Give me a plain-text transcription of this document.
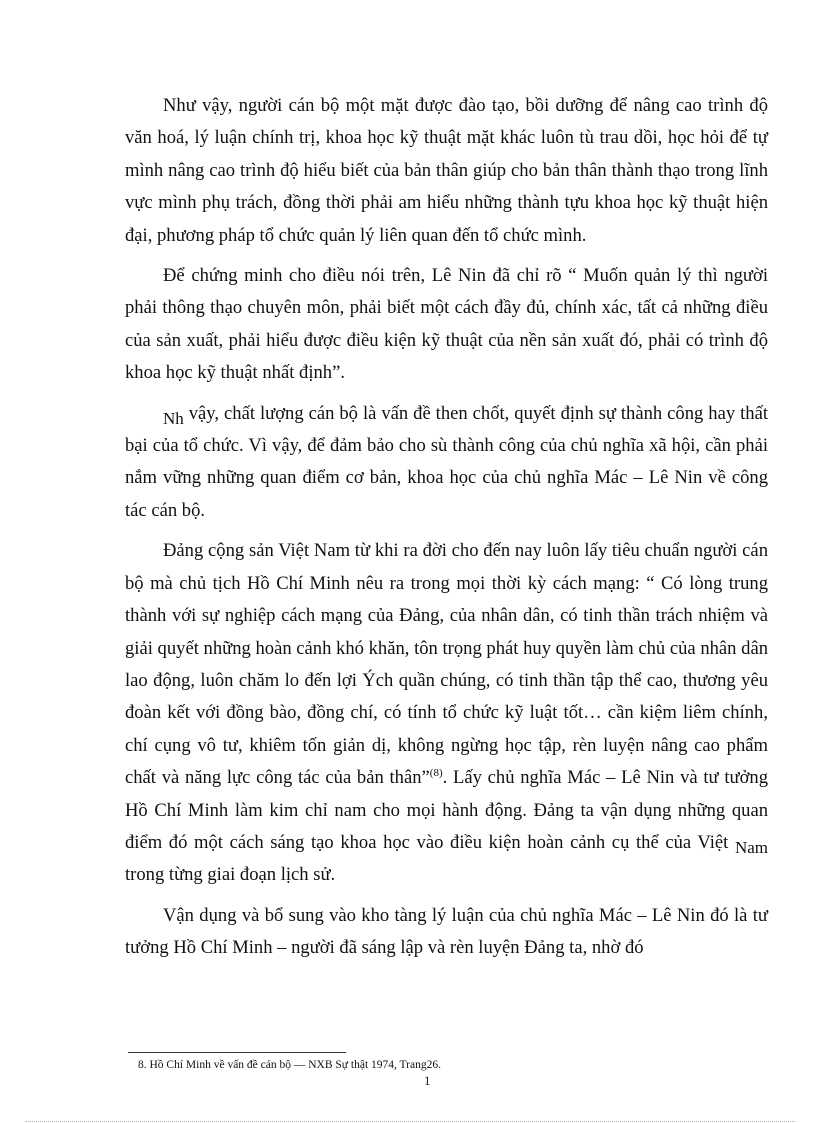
Như vậy, người cán bộ một mặt được đào tạo, bồi dưỡng để nâng cao trình độ văn hoá, lý luận chính trị, khoa học kỹ thuật mặt khác luôn tù trau dồi, học hỏi để tự mình nâng cao trình độ hiểu biết của bản thân giúp cho bản thân thành thạo trong lĩnh vực mình phụ trách, đồng thời phải am hiểu những thành tựu khoa học kỹ thuật hiện đại, phương pháp tổ chức quản lý liên quan đến tổ chức mình.

Để chứng minh cho điều nói trên, Lê Nin đã chỉ rõ “ Muốn quản lý thì người phải thông thạo chuyên môn, phải biết một cách đầy đủ, chính xác, tất cả những điều của sản xuất, phải hiểu được điều kiện kỹ thuật của nền sản xuất đó, phải có trình độ khoa học kỹ thuật nhất định”.

Nh vậy, chất lượng cán bộ là vấn đề then chốt, quyết định sự thành công hay thất bại của tổ chức. Vì vậy, để đảm bảo cho sù thành công của chủ nghĩa xã hội, cần phải nắm vững những quan điểm cơ bản, khoa học của chủ nghĩa Mác – Lê Nin về công tác cán bộ.

Đảng cộng sản Việt Nam từ khi ra đời cho đến nay luôn lấy tiêu chuẩn người cán bộ mà chủ tịch Hồ Chí Minh nêu ra trong mọi thời kỳ cách mạng: “ Có lòng trung thành với sự nghiệp cách mạng của Đảng, của nhân dân, có tinh thần trách nhiệm và giải quyết những hoàn cảnh khó khăn, tôn trọng phát huy quyền làm chủ của nhân dân lao động, luôn chăm lo đến lợi Ých quần chúng, có tinh thần tập thể cao, thương yêu đoàn kết với đồng bào, đồng chí, có tính tổ chức kỹ luật tốt… cần kiệm liêm chính, chí cụng vô tư, khiêm tốn giản dị, không ngừng học tập, rèn luyện nâng cao phẩm chất và năng lực công tác của bản thân”$^{(8)}$. Lấy chủ nghĩa Mác – Lê Nin và tư tưởng Hồ Chí Minh làm kim chỉ nam cho mọi hành động. Đảng ta vận dụng những quan điểm đó một cách sáng tạo khoa học vào điều kiện hoàn cảnh cụ thể của Việt Nam trong từng giai đoạn lịch sử.

Vận dụng và bổ sung vào kho tàng lý luận của chủ nghĩa Mác – Lê Nin đó là tư tưởng Hồ Chí Minh – người đã sáng lập và rèn luyện Đảng ta, nhờ đó

8. Hồ Chí Minh về vấn đề cán bộ — NXB Sự thật 1974, Trang26.
1
